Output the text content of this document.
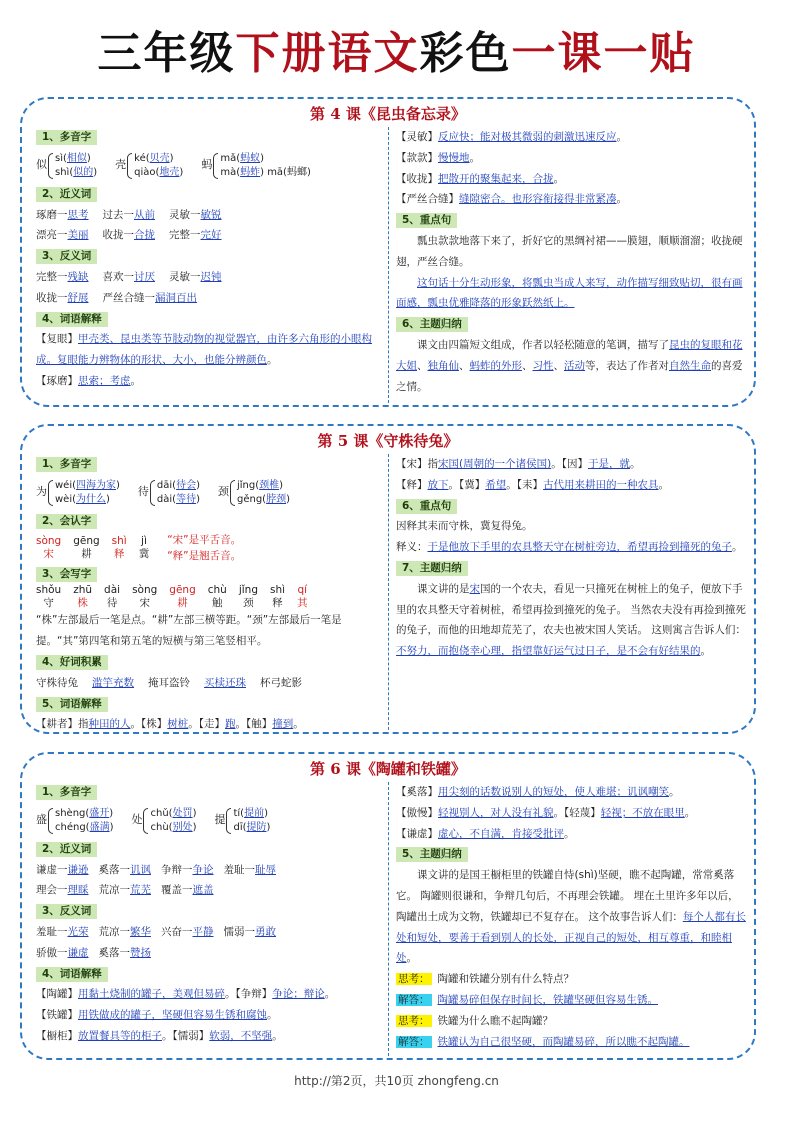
三年级下册语文彩色一课一贴
第 4 课《昆虫备忘录》
1、多音字
似
sì(相似)
shì(似的)
壳
ké(贝壳)
qiào(地壳)
蚂
mǎ(蚂蚁)
mà(蚂蚱) mā(蚂螂)
2、近义词
琢磨一思考 过去一从前 灵敏一敏锐
漂亮一美丽 收拢一合拢 完整一完好
3、反义词
完整一残缺 喜欢一讨厌 灵敏一迟钝
收拢一舒展 严丝合缝一漏洞百出
4、词语解释
【复眼】甲壳类、昆虫类等节肢动物的视觉器官，由许多六角形的小眼构成。复眼能力辨物体的形状、大小，也能分辨颜色。
【琢磨】思索；考虑。
【灵敏】反应快；能对极其微弱的刺激迅速反应。
【款款】慢慢地。
【收拢】把散开的聚集起来，合拢。
【严丝合缝】缝隙密合。也形容衔接得非常紧凑。
5、重点句
瓢虫款款地落下来了，折好它的黑绸衬裙——膜翅，顺顺溜溜；收拢硬翅，严丝合缝。
这句话十分生动形象，将瓢虫当成人来写，动作描写细致贴切，很有画面感，瓢虫优雅降落的形象跃然纸上。
6、主题归纳
课文由四篇短文组成，作者以轻松随意的笔调，描写了昆虫的复眼和花大姐、独角仙、蚂蚱的外形、习性、活动等，表达了作者对自然生命的喜爱之情。
第 5 课《守株待兔》
1、多音字
为
wéi(四海为家)
wèi(为什么)
待
dāi(待会)
dài(等待)
颈
jǐng(颈椎)
gěng(脖颈)
2、会认字
sòng
宋
gēng
耕
shì
释
jì
冀
“宋”是平舌音。
“释”是翘舌音。
3、会写字
shǒu
守
zhū
株
dài
待
sòng
宋
gēng
耕
chù
触
jǐng
颈
shì
释
qí
其
“株”左部最后一笔是点。“耕”左部三横等距。“颈”左部最后一笔是提。“其”第四笔和第五笔的短横与第三笔竖相平。
4、好词积累
守株待兔 滥竽充数 掩耳盗铃 买椟还珠 杯弓蛇影
5、词语解释
【耕者】指种田的人。【株】树桩。【走】跑。【触】撞到。
【宋】指宋国(周朝的一个诸侯国)。【因】于是，就。
【释】放下。【冀】希望。【耒】古代用来耕田的一种农具。
6、重点句
因释其耒而守株，冀复得兔。
释义：于是他放下手里的农具整天守在树桩旁边，希望再捡到撞死的兔子。
7、主题归纳
课文讲的是宋国的一个农夫，看见一只撞死在树桩上的兔子，便放下手里的农具整天守着树桩，希望再捡到撞死的兔子。 当然农夫没有再捡到撞死的兔子，而他的田地却荒芜了，农夫也被宋国人笑话。 这则寓言告诉人们：不努力，而抱侥幸心理，指望靠好运气过日子，是不会有好结果的。
第 6 课《陶罐和铁罐》
1、多音字
盛
shèng(盛开)
chéng(盛满)
处
chǔ(处罚)
chù(别处)
提
tí(提前)
dī(提防)
2、近义词
谦虚一谦逊 奚落一讥讽 争辩一争论 羞耻一耻辱
理会一理睬 荒凉一荒芜 覆盖一遮盖
3、反义词
羞耻一光荣 荒凉一繁华 兴奋一平静 懦弱一勇敢
骄傲一谦虚 奚落一赞扬
4、词语解释
【陶罐】用黏土烧制的罐子，美观但易碎。【争辩】争论；辩论。
【铁罐】用铁做成的罐子，坚硬但容易生锈和腐蚀。
【橱柜】放置餐具等的柜子。【懦弱】软弱，不坚强。
【奚落】用尖刻的话数说别人的短处，使人难堪；讥讽嘲笑。
【傲慢】轻视别人，对人没有礼貌。【轻蔑】轻视；不放在眼里。
【谦虚】虚心，不自满，肯接受批评。
5、主题归纳
课文讲的是国王橱柜里的铁罐自恃(shì)坚硬，瞧不起陶罐，常常奚落它。 陶罐则很谦和，争辩几句后，不再理会铁罐。 埋在土里许多年以后，陶罐出土成为文物，铁罐却已不复存在。 这个故事告诉人们：每个人都有长处和短处，要善于看到别人的长处，正视自己的短处，相互尊重，和睦相处。
思考： 陶罐和铁罐分别有什么特点？
解答： 陶罐易碎但保存时间长，铁罐坚硬但容易生锈。
思考： 铁罐为什么瞧不起陶罐？
解答： 铁罐认为自己很坚硬，而陶罐易碎，所以瞧不起陶罐。
http://第2页，共10页 zhongfeng.cn
